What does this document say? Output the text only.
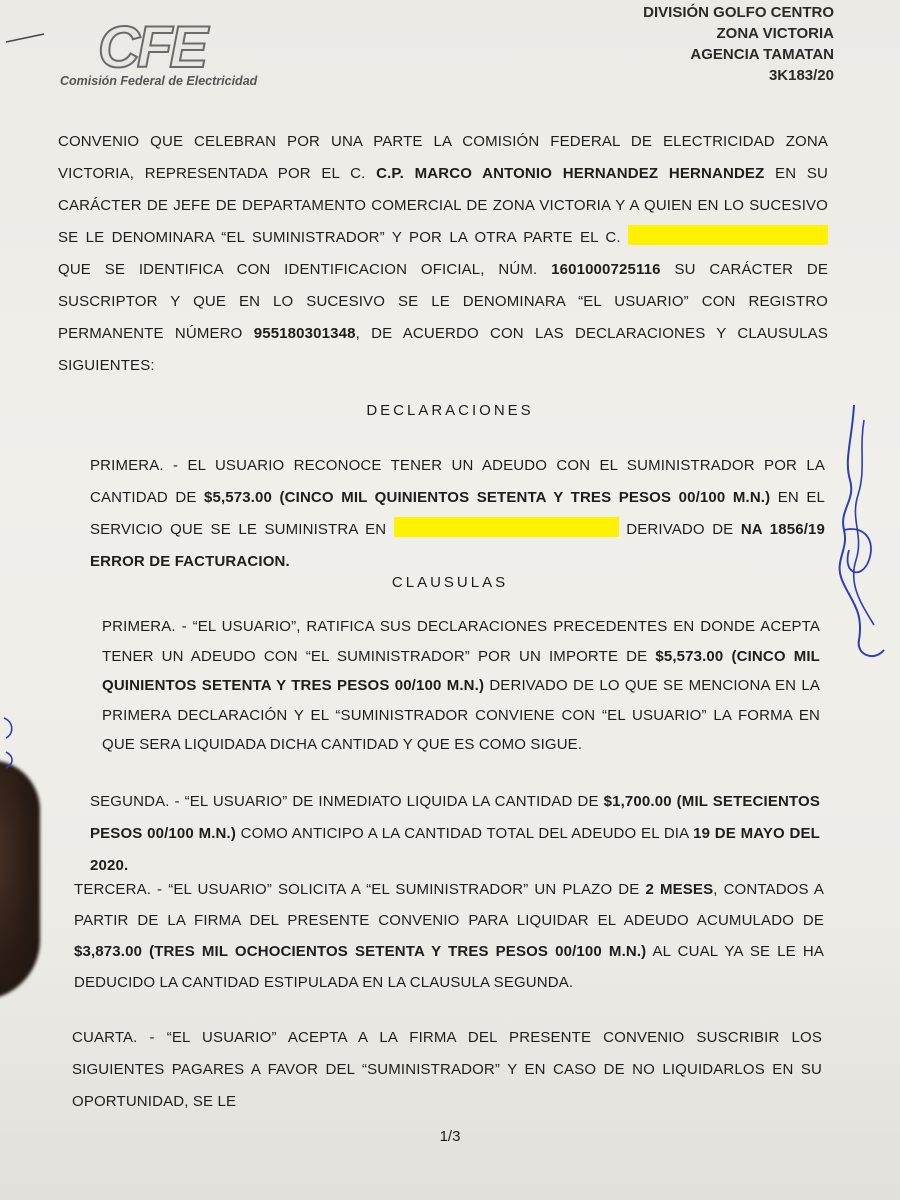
CFE
Comisión Federal de Electricidad
DIVISIÓN GOLFO CENTRO
ZONA VICTORIA
AGENCIA TAMATAN
3K183/20

CONVENIO QUE CELEBRAN POR UNA PARTE LA COMISIÓN FEDERAL DE ELECTRICIDAD ZONA VICTORIA, REPRESENTADA POR EL C. C.P. MARCO ANTONIO HERNANDEZ HERNANDEZ EN SU CARÁCTER DE JEFE DE DEPARTAMENTO COMERCIAL DE ZONA VICTORIA Y A QUIEN EN LO SUCESIVO SE LE DENOMINARA “EL SUMINISTRADOR” Y POR LA OTRA PARTE EL C.  QUE SE IDENTIFICA CON IDENTIFICACION OFICIAL, NÚM. 1601000725116 SU CARÁCTER DE SUSCRIPTOR Y QUE EN LO SUCESIVO SE LE DENOMINARA “EL USUARIO” CON REGISTRO PERMANENTE NÚMERO 955180301348, DE ACUERDO CON LAS DECLARACIONES Y CLAUSULAS SIGUIENTES:

DECLARACIONES

PRIMERA. - EL USUARIO RECONOCE TENER UN ADEUDO CON EL SUMINISTRADOR POR LA CANTIDAD DE $5,573.00 (CINCO MIL QUINIENTOS SETENTA Y TRES PESOS 00/100 M.N.) EN EL SERVICIO QUE SE LE SUMINISTRA EN	DERIVADO DE NA 1856/19 ERROR DE FACTURACION.

CLAUSULAS

PRIMERA. - “EL USUARIO”, RATIFICA SUS DECLARACIONES PRECEDENTES EN DONDE ACEPTA TENER UN ADEUDO CON “EL SUMINISTRADOR” POR UN IMPORTE DE $5,573.00 (CINCO MIL QUINIENTOS SETENTA Y TRES PESOS 00/100 M.N.) DERIVADO DE LO QUE SE MENCIONA EN LA PRIMERA DECLARACIÓN Y EL “SUMINISTRADOR CONVIENE CON “EL USUARIO” LA FORMA EN QUE SERA LIQUIDADA DICHA CANTIDAD Y QUE ES COMO SIGUE.

SEGUNDA. - “EL USUARIO” DE INMEDIATO LIQUIDA LA CANTIDAD DE $1,700.00 (MIL SETECIENTOS PESOS 00/100 M.N.) COMO ANTICIPO A LA CANTIDAD TOTAL DEL ADEUDO EL DIA 19 DE MAYO DEL 2020.

TERCERA. - “EL USUARIO” SOLICITA A “EL SUMINISTRADOR” UN PLAZO DE 2 MESES, CONTADOS A PARTIR DE LA FIRMA DEL PRESENTE CONVENIO PARA LIQUIDAR EL ADEUDO ACUMULADO DE $3,873.00 (TRES MIL OCHOCIENTOS SETENTA Y TRES PESOS 00/100 M.N.) AL CUAL YA SE LE HA DEDUCIDO LA CANTIDAD ESTIPULADA EN LA CLAUSULA SEGUNDA.

CUARTA. - “EL USUARIO” ACEPTA A LA FIRMA DEL PRESENTE CONVENIO SUSCRIBIR LOS SIGUIENTES PAGARES A FAVOR DEL “SUMINISTRADOR” Y EN CASO DE NO LIQUIDARLOS EN SU OPORTUNIDAD, SE LE

1/3
